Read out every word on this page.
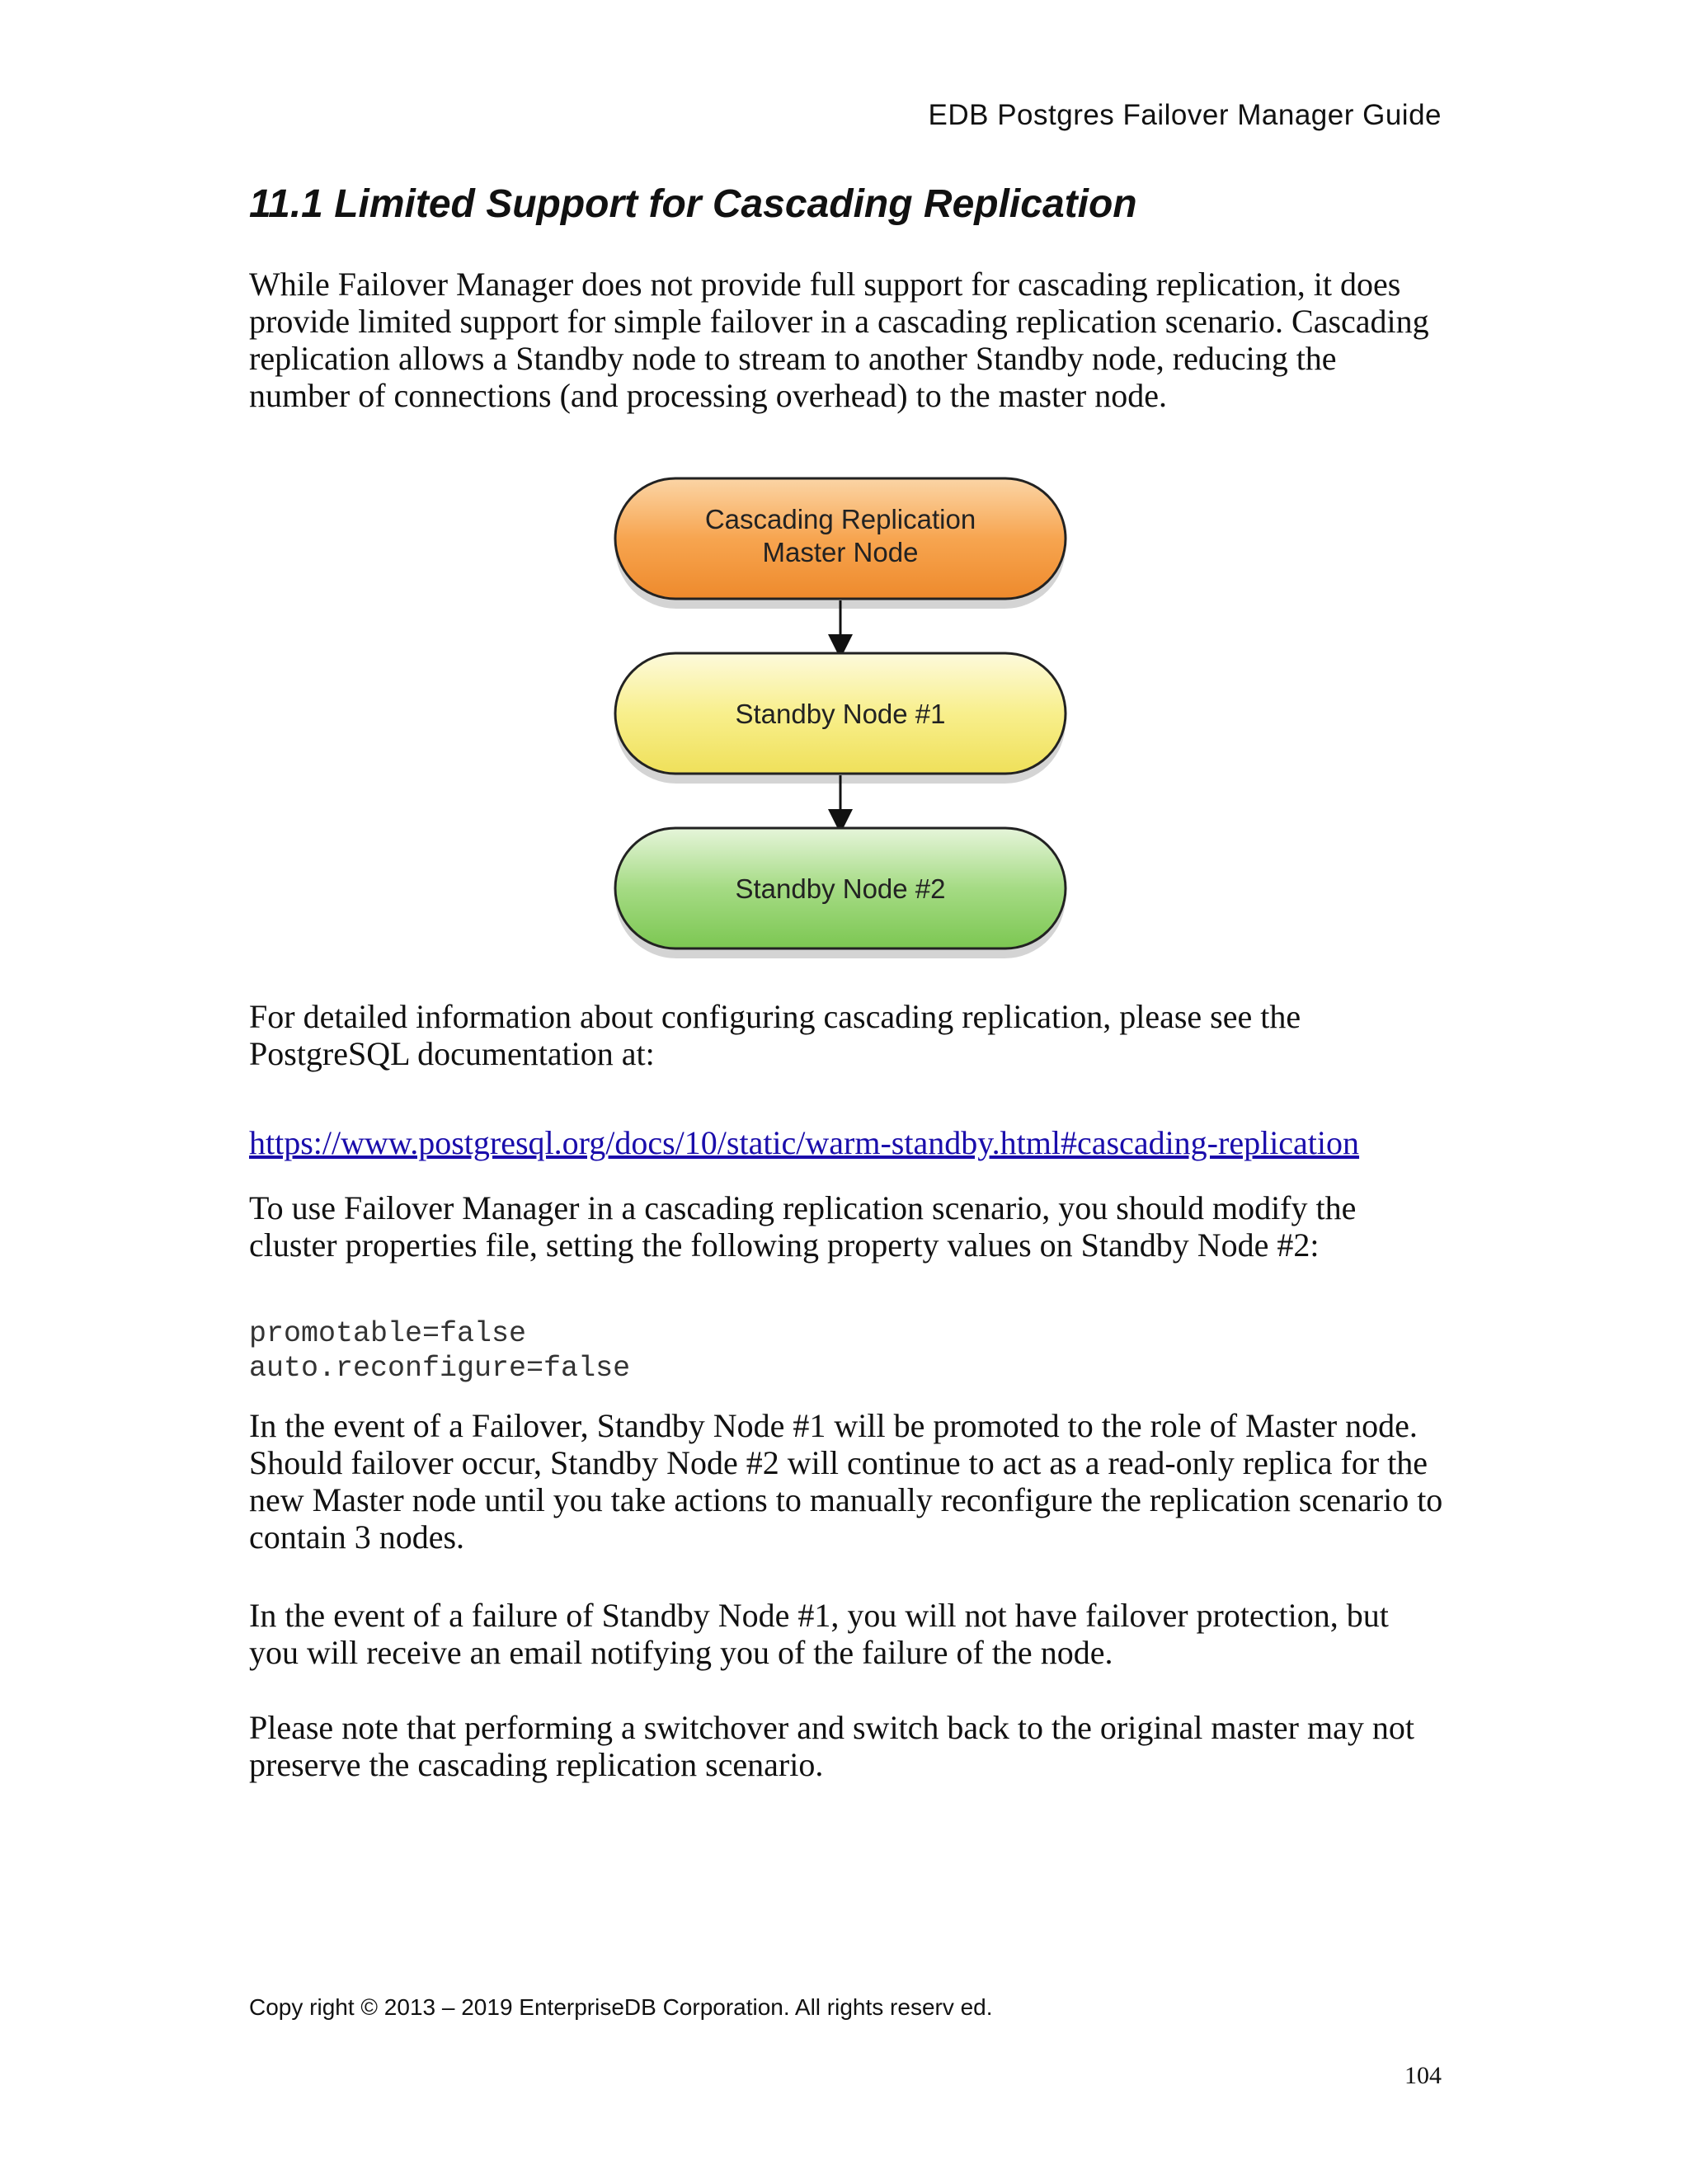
EDB Postgres Failover Manager Guide
11.1 Limited Support for Cascading Replication

While Failover Manager does not provide full support for cascading replication, it does provide limited support for simple failover in a cascading replication scenario. Cascading replication allows a Standby node to stream to another Standby node, reducing the number of connections (and processing overhead) to the master node.

Cascading Replication
Master Node
Standby Node #1
Standby Node #2

For detailed information about configuring cascading replication, please see the PostgreSQL documentation at:

https://www.postgresql.org/docs/10/static/warm-standby.html#cascading-replication

To use Failover Manager in a cascading replication scenario, you should modify the cluster properties file, setting the following property values on Standby Node #2:

promotable=false
auto.reconfigure=false

In the event of a Failover, Standby Node #1 will be promoted to the role of Master node. Should failover occur, Standby Node #2 will continue to act as a read-only replica for the new Master node until you take actions to manually reconfigure the replication scenario to contain 3 nodes.

In the event of a failure of Standby Node #1, you will not have failover protection, but you will receive an email notifying you of the failure of the node.

Please note that performing a switchover and switch back to the original master may not preserve the cascading replication scenario.

Copy right © 2013 – 2019 EnterpriseDB Corporation. All rights reserv ed.
104
